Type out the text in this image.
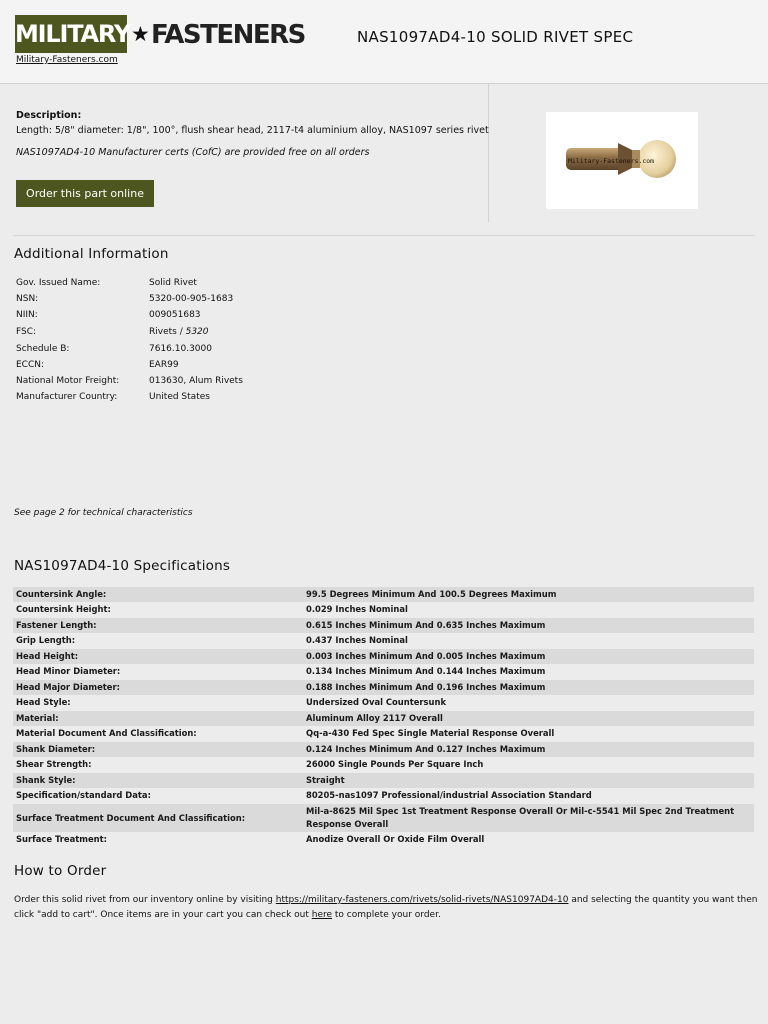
MILITARY ★ FASTENERS
Military-Fasteners.com
NAS1097AD4-10 SOLID RIVET SPEC
Description:
Length: 5/8" diameter: 1/8", 100°, flush shear head, 2117-t4 aluminium alloy, NAS1097 series rivet
NAS1097AD4-10 Manufacturer certs (CofC) are provided free on all orders
Order this part online
Military-Fasteners.com
Additional Information
Gov. Issued Name:	Solid Rivet
NSN:	5320-00-905-1683
NIIN:	009051683
FSC:	Rivets / 5320
Schedule B:	7616.10.3000
ECCN:	EAR99
National Motor Freight:	013630, Alum Rivets
Manufacturer Country:	United States
See page 2 for technical characteristics
NAS1097AD4-10 Specifications
Countersink Angle:	99.5 Degrees Minimum And 100.5 Degrees Maximum
Countersink Height:	0.029 Inches Nominal
Fastener Length:	0.615 Inches Minimum And 0.635 Inches Maximum
Grip Length:	0.437 Inches Nominal
Head Height:	0.003 Inches Minimum And 0.005 Inches Maximum
Head Minor Diameter:	0.134 Inches Minimum And 0.144 Inches Maximum
Head Major Diameter:	0.188 Inches Minimum And 0.196 Inches Maximum
Head Style:	Undersized Oval Countersunk
Material:	Aluminum Alloy 2117 Overall
Material Document And Classification:	Qq-a-430 Fed Spec Single Material Response Overall
Shank Diameter:	0.124 Inches Minimum And 0.127 Inches Maximum
Shear Strength:	26000 Single Pounds Per Square Inch
Shank Style:	Straight
Specification/standard Data:	80205-nas1097 Professional/industrial Association Standard
Surface Treatment Document And Classification:
Mil-a-8625 Mil Spec 1st Treatment Response Overall Or Mil-c-5541 Mil Spec 2nd Treatment Response Overall
Surface Treatment:	Anodize Overall Or Oxide Film Overall
How to Order
Order this solid rivet from our inventory online by visiting https://military-fasteners.com/rivets/solid-rivets/NAS1097AD4-10 and selecting the quantity you want then click "add to cart". Once items are in your cart you can check out here to complete your order.
